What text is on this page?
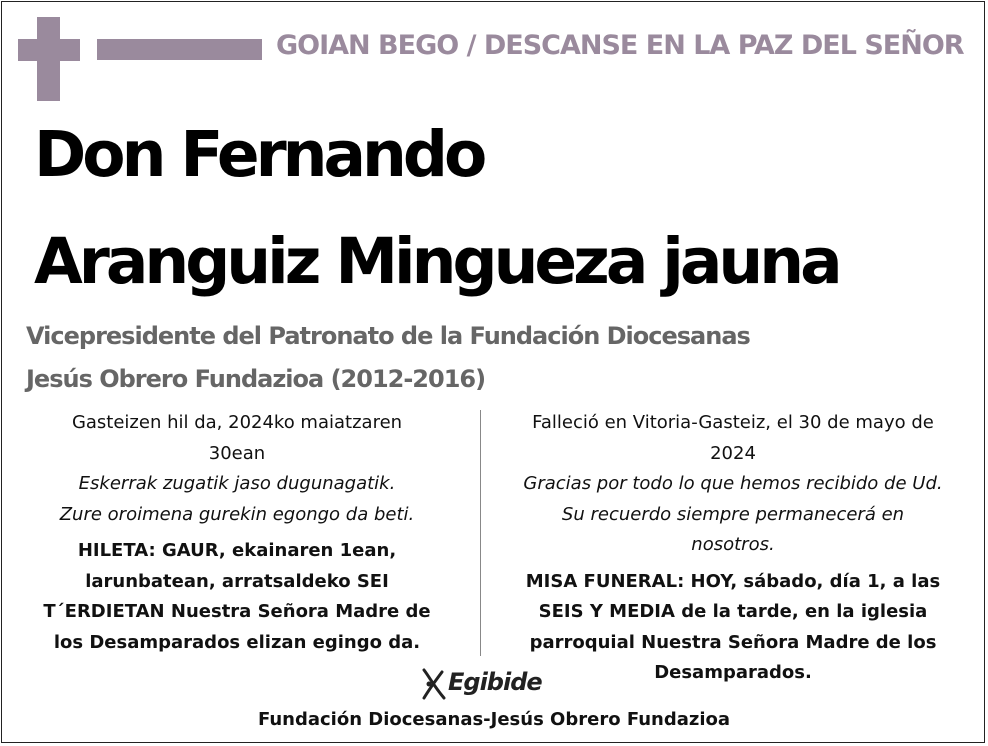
GOIAN BEGO / DESCANSE EN LA PAZ DEL SEÑOR
Don Fernando
Aranguiz Mingueza jauna
Vicepresidente del Patronato de la Fundación Diocesanas
Jesús Obrero Fundazioa (2012-2016)
Gasteizen hil da, 2024ko maiatzaren
30ean
Eskerrak zugatik jaso dugunagatik.
Zure oroimena gurekin egongo da beti.
HILETA: GAUR, ekainaren 1ean,
larunbatean, arratsaldeko SEI
T´ERDIETAN Nuestra Señora Madre de
los Desamparados elizan egingo da.
Falleció en Vitoria-Gasteiz, el 30 de mayo de
2024
Gracias por todo lo que hemos recibido de Ud.
Su recuerdo siempre permanecerá en nosotros.
MISA FUNERAL: HOY, sábado, día 1, a las
SEIS Y MEDIA de la tarde, en la iglesia
parroquial Nuestra Señora Madre de los
Desamparados.
Egibide
Fundación Diocesanas-Jesús Obrero Fundazioa
